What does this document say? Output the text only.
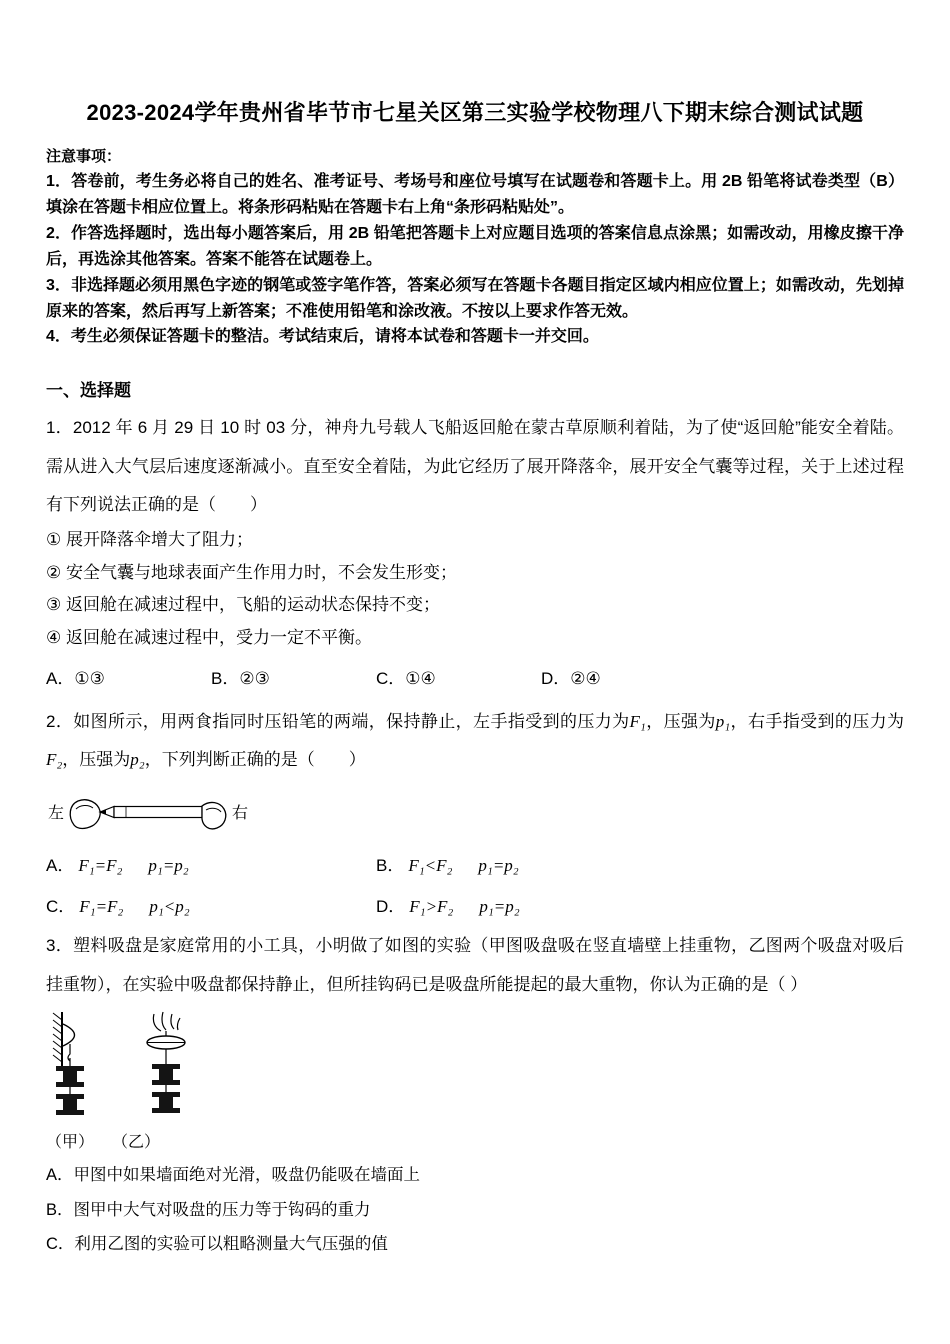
2023-2024学年贵州省毕节市七星关区第三实验学校物理八下期末综合测试试题

注意事项：

1．答卷前，考生务必将自己的姓名、准考证号、考场号和座位号填写在试题卷和答题卡上。用 2B 铅笔将试卷类型（B）填涂在答题卡相应位置上。将条形码粘贴在答题卡右上角“条形码粘贴处”。

2．作答选择题时，选出每小题答案后，用 2B 铅笔把答题卡上对应题目选项的答案信息点涂黑；如需改动，用橡皮擦干净后，再选涂其他答案。答案不能答在试题卷上。

3．非选择题必须用黑色字迹的钢笔或签字笔作答，答案必须写在答题卡各题目指定区域内相应位置上；如需改动，先划掉原来的答案，然后再写上新答案；不准使用铅笔和涂改液。不按以上要求作答无效。

4．考生必须保证答题卡的整洁。考试结束后，请将本试卷和答题卡一并交回。

一、选择题

1．2012 年 6 月 29 日 10 时 03 分，神舟九号载人飞船返回舱在蒙古草原顺利着陆，为了使“返回舱”能安全着陆。需从进入大气层后速度逐渐减小。直至安全着陆，为此它经历了展开降落伞，展开安全气囊等过程，关于上述过程有下列说法正确的是（　　）

① 展开降落伞增大了阻力；

② 安全气囊与地球表面产生作用力时，不会发生形变；

③ 返回舱在减速过程中，飞船的运动状态保持不变；

④ 返回舱在减速过程中，受力一定不平衡。

A．①③	B．②③	C．①④	D．②④

2．如图所示，用两食指同时压铅笔的两端，保持静止，左手指受到的压力为F₁，压强为p₁，右手指受到的压力为F₂，压强为p₂，下列判断正确的是（　　）

左	右
A． F₁=F₂ p₁=p₂	B． F₁<F₂ p₁=p₂
C． F₁=F₂ p₁<p₂	D． F₁>F₂ p₁=p₂

3．塑料吸盘是家庭常用的小工具，小明做了如图的实验（甲图吸盘吸在竖直墙壁上挂重物，乙图两个吸盘对吸后挂重物），在实验中吸盘都保持静止，但所挂钩码已是吸盘所能提起的最大重物，你认为正确的是（ ）

（甲） （乙）

A．甲图中如果墙面绝对光滑，吸盘仍能吸在墙面上

B．图甲中大气对吸盘的压力等于钩码的重力

C．利用乙图的实验可以粗略测量大气压强的值
